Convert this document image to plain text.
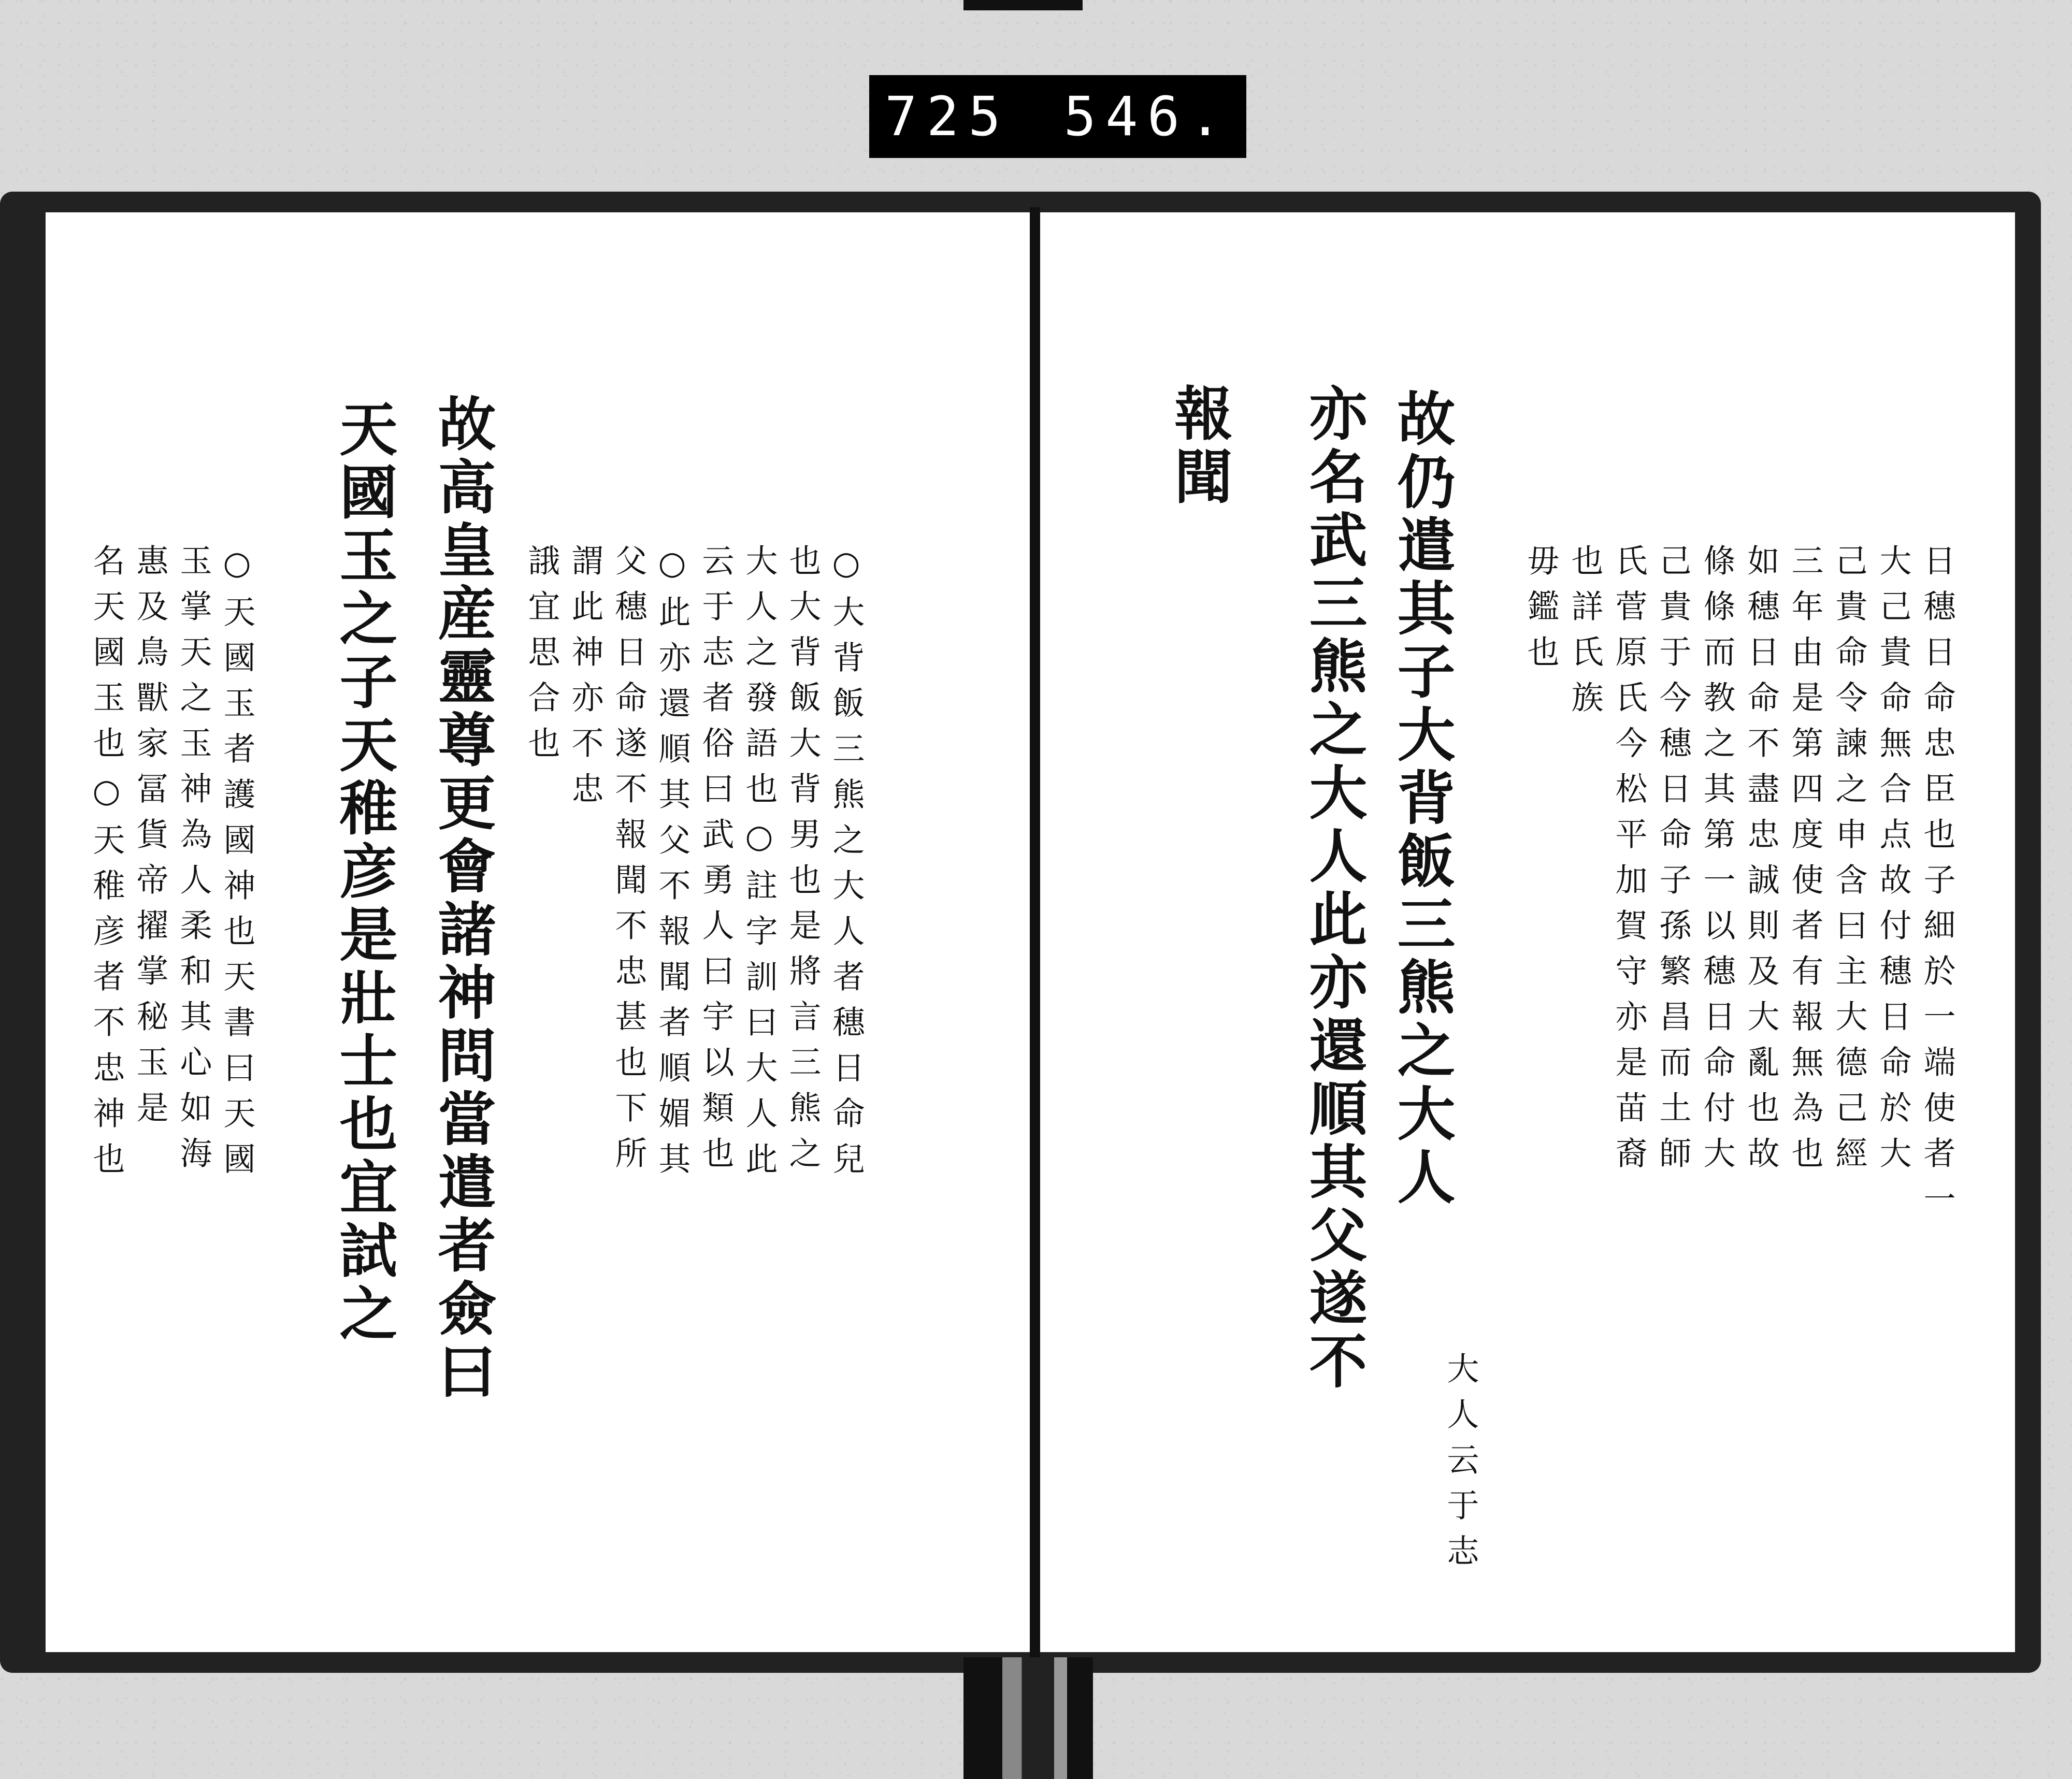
725 546.
故高皇産靈尊更會諸神問當遣者僉曰
天國玉之子天稚彦是壯士也宜試之	誐宜思合也 謂此神亦不忠 父穗日命遂不報聞不忠甚也下所 ○此亦還順其父不報聞者順媚其 云于志者俗曰武勇人曰宇以類也 大人之發語也○註字訓曰大人此 也大背飯大背男也是將言三熊之 ○大背飯三熊之大人者穗日命兒
○天國玉者護國神也天書曰天國
玉掌天之玉神為人柔和其心如海
惠及鳥獸家冨貨帝擢掌秘玉是
名天國玉也○天稚彦者不忠神也	故仍遣其子大背飯三熊之大人
亦名武三熊之大人此亦還順其父遂不
報聞
大人云于志
日穗日命忠臣也子細於一端使者一
大己貴命無合点故付穗日命於大
己貴命令諫之申含曰主大德己經
三年由是第四度使者有報無為也
如穗日命不盡忠誠則及大亂也故
條條而教之其第一以穗日命付大
己貴于今穗日命子孫繁昌而土師
氏菅原氏今松平加賀守亦是苗裔
也詳氏族
毋鑑也
